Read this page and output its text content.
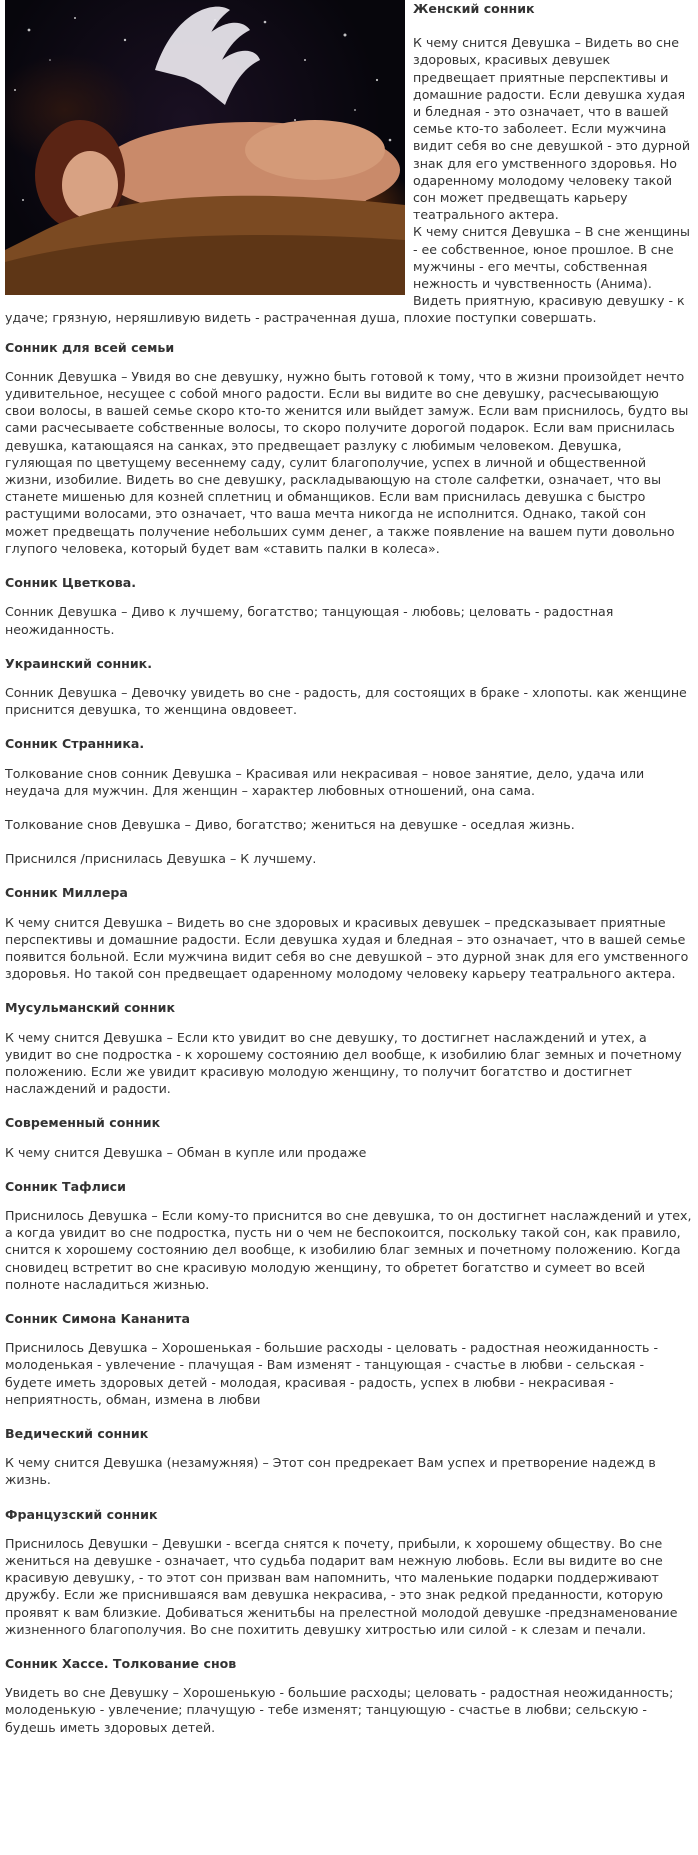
Женский сонник

К чему снится Девушка – Видеть во сне здоровых, красивых девушек предвещает приятные перспективы и домашние радости. Если девушка худая и бледная - это означает, что в вашей семье кто-то заболеет. Если мужчина видит себя во сне девушкой - это дурной знак для его умственного здоровья. Но одаренному молодому человеку такой сон может предвещать карьеру театрального актера.

К чему снится Девушка – В сне женщины - ее собственное, юное прошлое. В сне мужчины - его мечты, собственная нежность и чувственность (Анима). Видеть приятную, красивую девушку - к удаче; грязную, неряшливую видеть - растраченная душа, плохие поступки совершать.

Сонник для всей семьи

Сонник Девушка – Увидя во сне девушку, нужно быть готовой к тому, что в жизни произойдет нечто удивительное, несущее с собой много радости. Если вы видите во сне девушку, расчесывающую свои волосы, в вашей семье скоро кто-то женится или выйдет замуж. Если вам приснилось, будто вы сами расчесываете собственные волосы, то скоро получите дорогой подарок. Если вам приснилась девушка, катающаяся на санках, это предвещает разлуку с любимым человеком. Девушка, гуляющая по цветущему весеннему саду, сулит благополучие, успех в личной и общественной жизни, изобилие. Видеть во сне девушку, раскладывающую на столе салфетки, означает, что вы станете мишенью для козней сплетниц и обманщиков. Если вам приснилась девушка с быстро растущими волосами, это означает, что ваша мечта никогда не исполнится. Однако, такой сон может предвещать получение небольших сумм денег, а также появление на вашем пути довольно глупого человека, который будет вам «ставить палки в колеса».

Сонник Цветкова.

Сонник Девушка – Диво к лучшему, богатство; танцующая - любовь; целовать - радостная неожиданность.

Украинский сонник.

Сонник Девушка – Девочку увидеть во сне - радость, для состоящих в браке - хлопоты. как женщине приснится девушка, то женщина овдовеет.

Сонник Странника.

Толкование снов сонник Девушка – Красивая или некрасивая – новое занятие, дело, удача или неудача для мужчин. Для женщин – характер любовных отношений, она сама.

Толкование снов Девушка – Диво, богатство; жениться на девушке - оседлая жизнь.

Приснился /приснилась Девушка – К лучшему.

Сонник Миллера

К чему снится Девушка – Видеть во сне здоровых и красивых девушек – предсказывает приятные перспективы и домашние радости. Если девушка худая и бледная – это означает, что в вашей семье появится больной. Если мужчина видит себя во сне девушкой – это дурной знак для его умственного здоровья. Но такой сон предвещает одаренному молодому человеку карьеру театрального актера.

Мусульманский сонник

К чему снится Девушка – Если кто увидит во сне девушку, то достигнет наслаждений и утех, а увидит во сне подростка - к хорошему состоянию дел вообще, к изобилию благ земных и почетному положению. Если же увидит красивую молодую женщину, то получит богатство и достигнет наслаждений и радости.

Современный сонник

К чему снится Девушка – Обман в купле или продаже

Сонник Тафлиси

Приснилось Девушка – Если кому-то приснится во сне девушка, то он достигнет наслаждений и утех, а когда увидит во сне подростка, пусть ни о чем не беспокоится, поскольку такой сон, как правило, снится к хорошему состоянию дел вообще, к изобилию благ земных и почетному положению. Когда сновидец встретит во сне красивую молодую женщину, то обретет богатство и сумеет во всей полноте насладиться жизнью.

Сонник Симона Кананита

Приснилось Девушка – Хорошенькая - большие расходы - целовать - радостная неожиданность - молоденькая - увлечение - плачущая - Вам изменят - танцующая - счастье в любви - сельская - будете иметь здоровых детей - молодая, красивая - радость, успех в любви - некрасивая - неприятность, обман, измена в любви

Ведический сонник

К чему снится Девушка (незамужняя) – Этот сон предрекает Вам успех и претворение надежд в жизнь.

Французский сонник

Приснилось Девушки – Девушки - всегда снятся к почету, прибыли, к хорошему обществу. Во сне жениться на девушке - означает, что судьба подарит вам нежную любовь. Если вы видите во сне красивую девушку, - то этот сон призван вам напомнить, что маленькие подарки поддерживают дружбу. Если же приснившаяся вам девушка некрасива, - это знак редкой преданности, которую проявят к вам близкие. Добиваться женитьбы на прелестной молодой девушке -предзнаменование жизненного благополучия. Во сне похитить девушку хитростью или силой - к слезам и печали.

Сонник Хассе. Толкование снов

Увидеть во сне Девушку – Хорошенькую - большие расходы; целовать - радостная неожиданность; молоденькую - увлечение; плачущую - тебе изменят; танцующую - счастье в любви; сельскую - будешь иметь здоровых детей.
